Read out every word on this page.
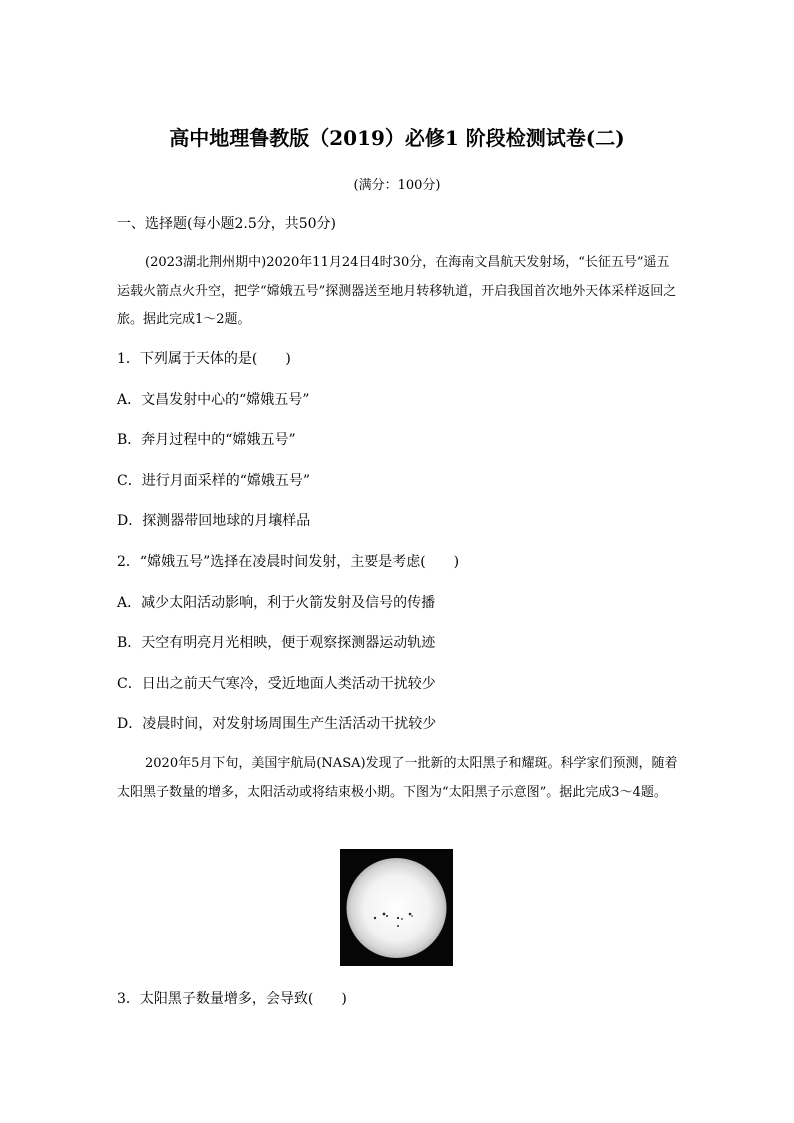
高中地理鲁教版（2019）必修1 阶段检测试卷(二)
(满分：100分)
一、选择题(每小题2.5分，共50分)
(2023湖北荆州期中)2020年11月24日4时30分，在海南文昌航天发射场，“长征五号”遥五运载火箭点火升空，把学“嫦娥五号”探测器送至地月转移轨道，开启我国首次地外天体采样返回之旅。据此完成1～2题。
1．下列属于天体的是(　　)
A．文昌发射中心的“嫦娥五号”
B．奔月过程中的“嫦娥五号”
C．进行月面采样的“嫦娥五号”
D．探测器带回地球的月壤样品
2．“嫦娥五号”选择在凌晨时间发射，主要是考虑(　　)
A．减少太阳活动影响，利于火箭发射及信号的传播
B．天空有明亮月光相映，便于观察探测器运动轨迹
C．日出之前天气寒冷，受近地面人类活动干扰较少
D．凌晨时间，对发射场周围生产生活活动干扰较少
2020年5月下旬，美国宇航局(NASA)发现了一批新的太阳黑子和耀斑。科学家们预测，随着太阳黑子数量的增多，太阳活动或将结束极小期。下图为“太阳黑子示意图”。据此完成3～4题。
3．太阳黑子数量增多，会导致(　　)
